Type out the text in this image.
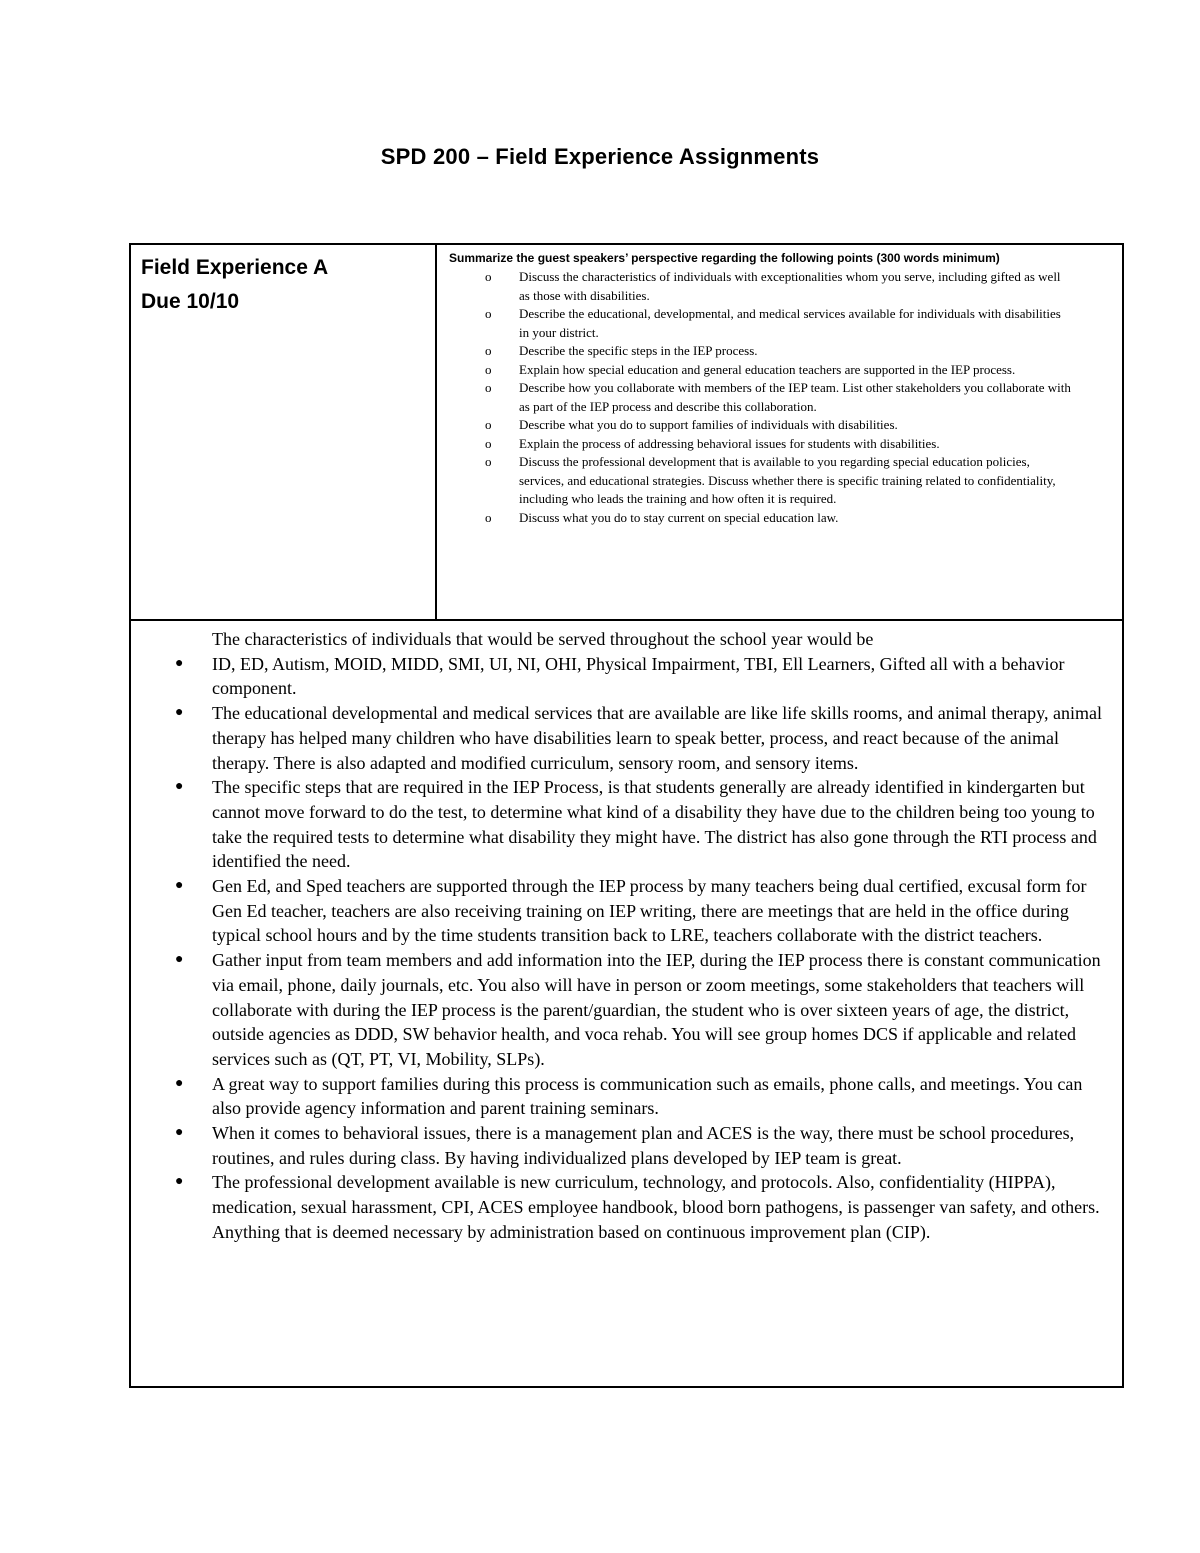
SPD 200 – Field Experience Assignments
Field Experience A
Due 10/10
Summarize the guest speakers’ perspective regarding the following points (300 words minimum)
o Discuss the characteristics of individuals with exceptionalities whom you serve, including gifted as well as those with disabilities.
o Describe the educational, developmental, and medical services available for individuals with disabilities in your district.
o Describe the specific steps in the IEP process.
o Explain how special education and general education teachers are supported in the IEP process.
o Describe how you collaborate with members of the IEP team. List other stakeholders you collaborate with as part of the IEP process and describe this collaboration.
o Describe what you do to support families of individuals with disabilities.
o Explain the process of addressing behavioral issues for students with disabilities.
o Discuss the professional development that is available to you regarding special education policies, services, and educational strategies. Discuss whether there is specific training related to confidentiality, including who leads the training and how often it is required.
o Discuss what you do to stay current on special education law.
The characteristics of individuals that would be served throughout the school year would be
● ID, ED, Autism, MOID, MIDD, SMI, UI, NI, OHI, Physical Impairment, TBI, Ell Learners, Gifted all with a behavior component.
● The educational developmental and medical services that are available are like life skills rooms, and animal therapy, animal therapy has helped many children who have disabilities learn to speak better, process, and react because of the animal therapy. There is also adapted and modified curriculum, sensory room, and sensory items.
● The specific steps that are required in the IEP Process, is that students generally are already identified in kindergarten but cannot move forward to do the test, to determine what kind of a disability they have due to the children being too young to take the required tests to determine what disability they might have. The district has also gone through the RTI process and identified the need.
● Gen Ed, and Sped teachers are supported through the IEP process by many teachers being dual certified, excusal form for Gen Ed teacher, teachers are also receiving training on IEP writing, there are meetings that are held in the office during typical school hours and by the time students transition back to LRE, teachers collaborate with the district teachers.
● Gather input from team members and add information into the IEP, during the IEP process there is constant communication via email, phone, daily journals, etc. You also will have in person or zoom meetings, some stakeholders that teachers will collaborate with during the IEP process is the parent/guardian, the student who is over sixteen years of age, the district, outside agencies as DDD, SW behavior health, and voca rehab. You will see group homes DCS if applicable and related services such as (QT, PT, VI, Mobility, SLPs).
● A great way to support families during this process is communication such as emails, phone calls, and meetings. You can also provide agency information and parent training seminars.
● When it comes to behavioral issues, there is a management plan and ACES is the way, there must be school procedures, routines, and rules during class. By having individualized plans developed by IEP team is great.
● The professional development available is new curriculum, technology, and protocols. Also, confidentiality (HIPPA), medication, sexual harassment, CPI, ACES employee handbook, blood born pathogens, is passenger van safety, and others. Anything that is deemed necessary by administration based on continuous improvement plan (CIP).
